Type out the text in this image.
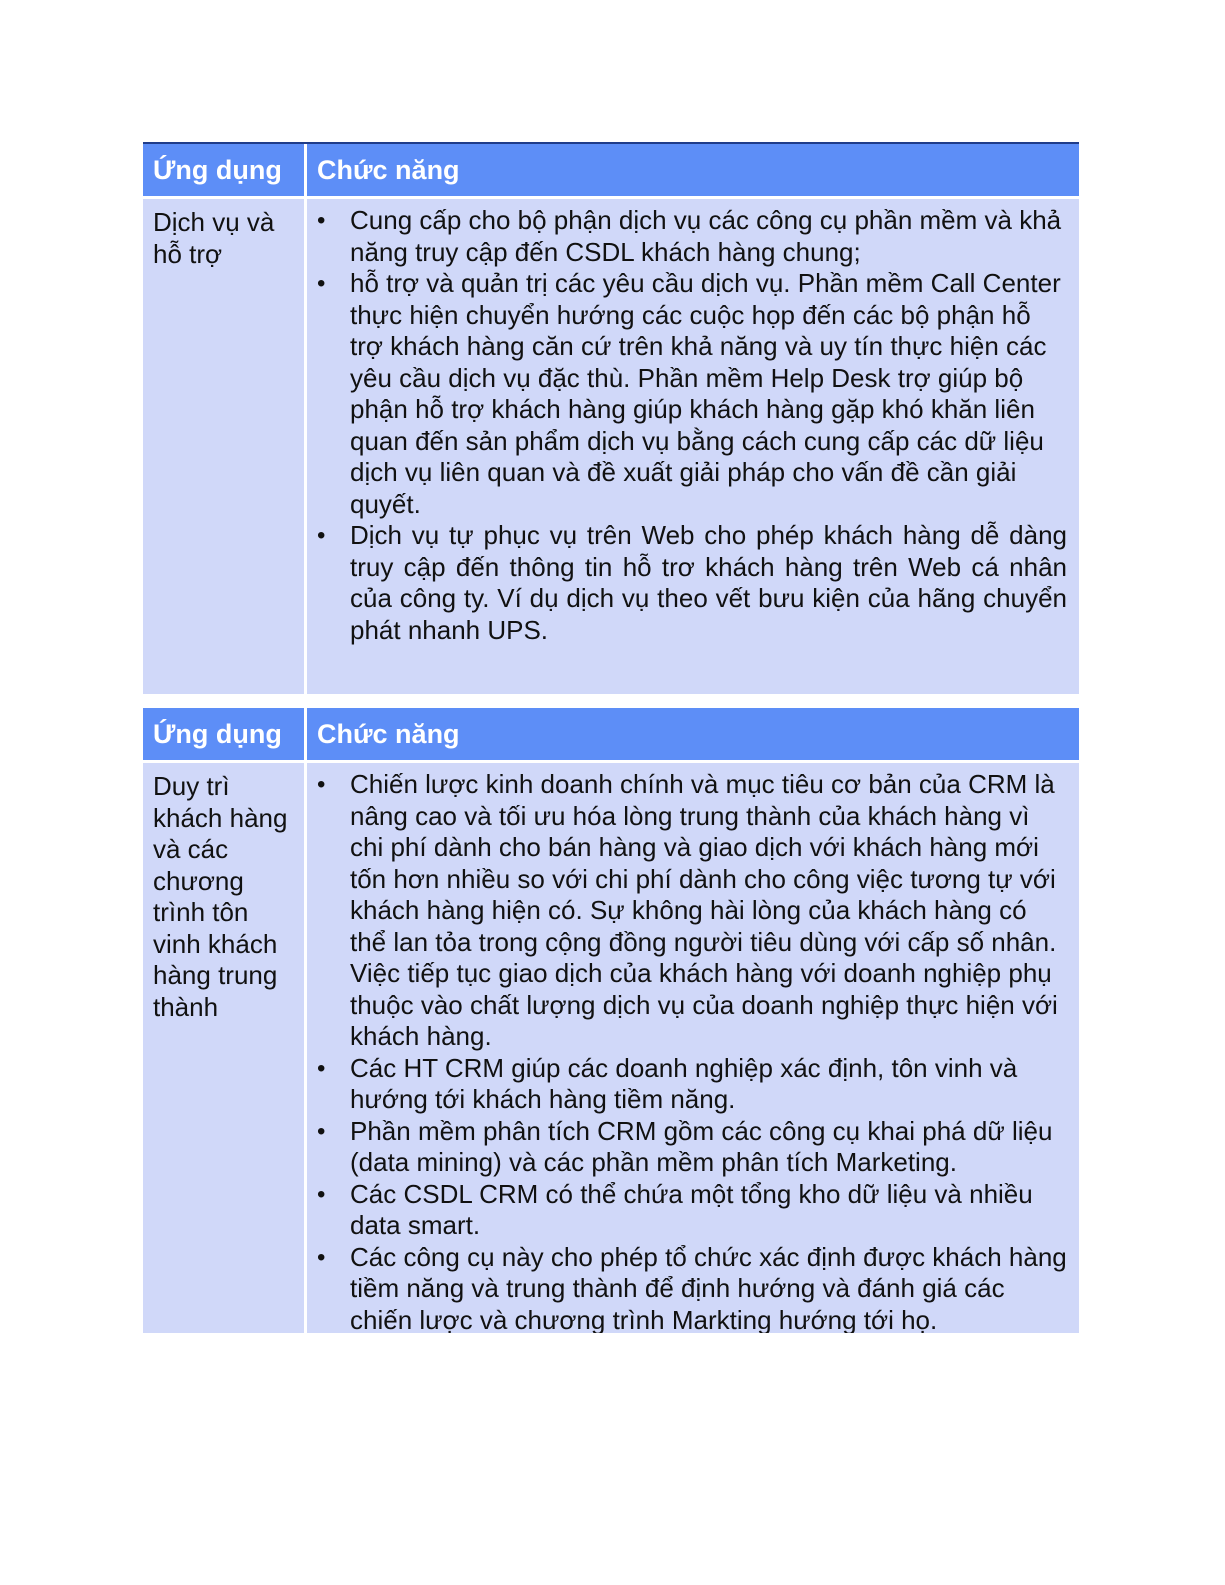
Ứng dụng	Chức năng
Dịch vụ và hỗ trợ
• Cung cấp cho bộ phận dịch vụ các công cụ phần mềm và khả năng truy cập đến CSDL khách hàng chung;
• hỗ trợ và quản trị các yêu cầu dịch vụ. Phần mềm Call Center thực hiện chuyển hướng các cuộc họp đến các bộ phận hỗ trợ khách hàng căn cứ trên khả năng và uy tín thực hiện các yêu cầu dịch vụ đặc thù. Phần mềm Help Desk trợ giúp bộ phận hỗ trợ khách hàng giúp khách hàng gặp khó khăn liên quan đến sản phẩm dịch vụ bằng cách cung cấp các dữ liệu dịch vụ liên quan và đề xuất giải pháp cho vấn đề cần giải quyết.
• Dịch vụ tự phục vụ trên Web cho phép khách hàng dễ dàng truy cập đến thông tin hỗ trơ khách hàng trên Web cá nhân của công ty. Ví dụ dịch vụ theo vết bưu kiện của hãng chuyển phát nhanh UPS.
Ứng dụng	Chức năng
Duy trì khách hàng và các chương trình tôn vinh khách hàng trung thành
• Chiến lược kinh doanh chính và mục tiêu cơ bản của CRM là nâng cao và tối ưu hóa lòng trung thành của khách hàng vì chi phí dành cho bán hàng và giao dịch với khách hàng mới tốn hơn nhiều so với chi phí dành cho công việc tương tự với khách hàng hiện có. Sự không hài lòng của khách hàng có thể lan tỏa trong cộng đồng người tiêu dùng với cấp số nhân. Việc tiếp tục giao dịch của khách hàng với doanh nghiệp phụ thuộc vào chất lượng dịch vụ của doanh nghiệp thực hiện với khách hàng.
• Các HT CRM giúp các doanh nghiệp xác định, tôn vinh và hướng tới khách hàng tiềm năng.
• Phần mềm phân tích CRM gồm các công cụ khai phá dữ liệu (data mining) và các phần mềm phân tích Marketing.
• Các CSDL CRM có thể chứa một tổng kho dữ liệu và nhiều data smart.
• Các công cụ này cho phép tổ chức xác định được khách hàng tiềm năng và trung thành để định hướng và đánh giá các chiến lược và chương trình Markting hướng tới họ.
